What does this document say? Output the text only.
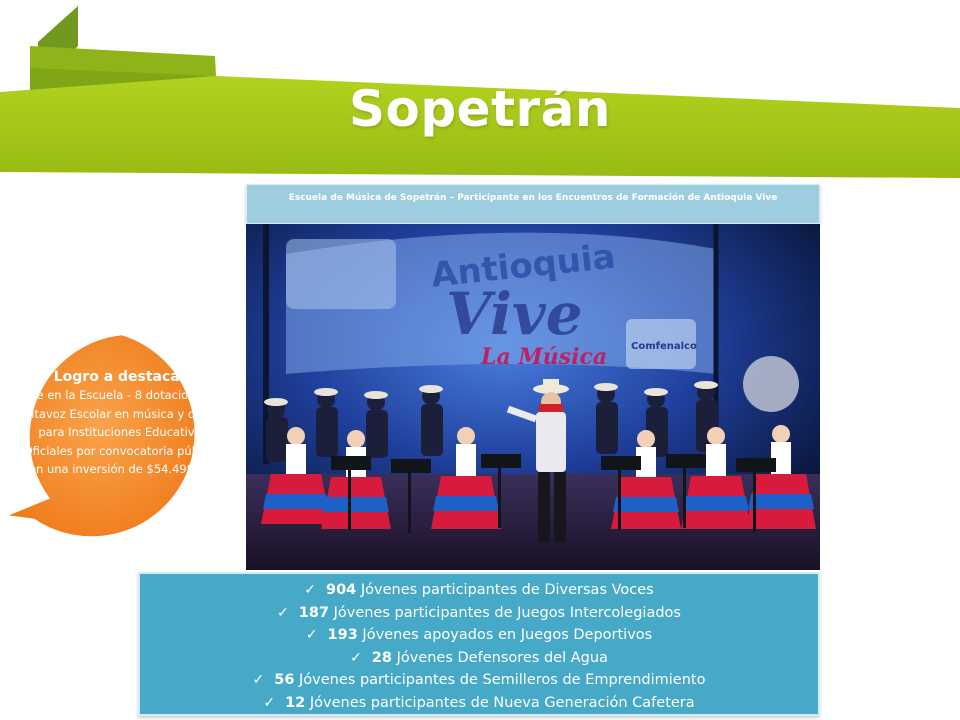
Sopetrán
Escuela de Música de Sopetrán – Participante en los Encuentros de Formación de Antioquia Vive
Antioquia
Vive
La Música Comfenalco
Logro a destacar:
Arte en la Escuela - 8 dotaciones de Altavoz Escolar en música y danza para Instituciones Educativas Oficiales por convocatoria pública, con una inversión de $54.499.853.
✓ 904 Jóvenes participantes de Diversas Voces
✓ 187 Jóvenes participantes de Juegos Intercolegiados
✓ 193 Jóvenes apoyados en Juegos Deportivos
✓ 28 Jóvenes Defensores del Agua
✓ 56 Jóvenes participantes de Semilleros de Emprendimiento
✓ 12 Jóvenes participantes de Nueva Generación Cafetera
